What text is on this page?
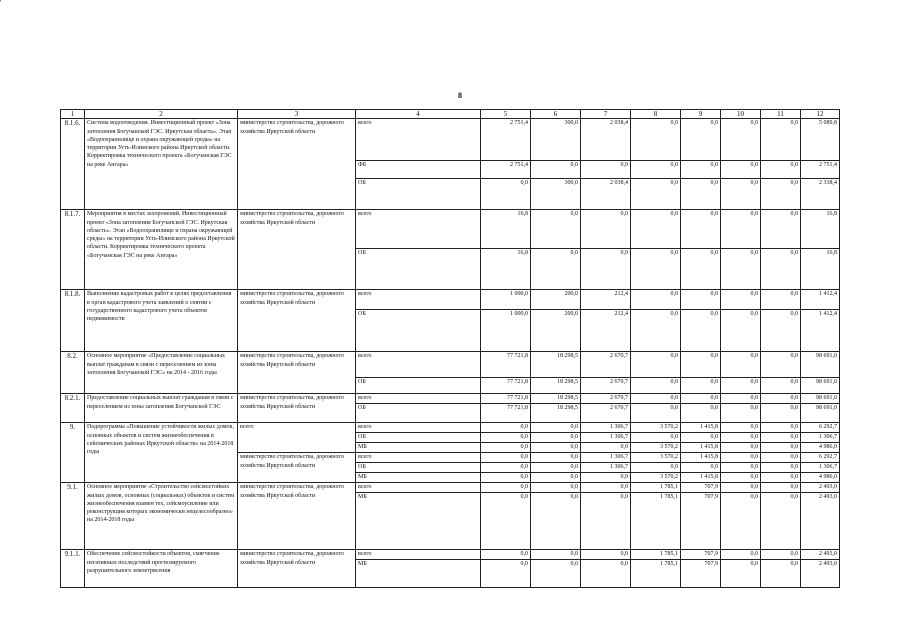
'
8
1	2	3	4	5	6	7	8	9	10	11	12
8.1.6.	Система водоотведения. Инвестиционный проект «Зона затопления Богучанской ГЭС. Иркутская область». Этап «Водоохранилище и охрана окружающей среды» на территории Усть-Илимского района Иркутской области. Корректировка технического проекта «Богучанская ГЭС на реке Ангара»	министерство строительства, дорожного хозяйства Иркутской области	всего	2 751,4	300,0	2 038,4	0,0	0,0	0,0	0,0	5 089,8
			ФБ	2 751,4	0,0	0,0	0,0	0,0	0,0	0,0	2 751,4
			ОБ	0,0	300,0	2 038,4	0,0	0,0	0,0	0,0	2 338,4
8.1.7.	Мероприятия в местах захоронений. Инвестиционный проект «Зона затопления Богучанской ГЭС. Иркутская область». Этап «Водоохранилище и охрана окружающей среды» на территории Усть-Илимского района Иркутской области. Корректировка технического проекта «Богучанская ГЭС на реке Ангара»	министерство строительства, дорожного хозяйства Иркутской области	всего	16,8	0,0	0,0	0,0	0,0	0,0	0,0	16,8
			ОБ	16,8	0,0	0,0	0,0	0,0	0,0	0,0	16,8
8.1.8.	Выполнение кадастровых работ в целях предоставления в орган кадастрового учета заявлений о снятии с государственного кадастрового учета объектов недвижимости	министерство строительства, дорожного хозяйства Иркутской области	всего	1 000,0	200,0	212,4	0,0	0,0	0,0	0,0	1 412,4
			ОБ	1 000,0	200,0	212,4	0,0	0,0	0,0	0,0	1 412,4
8.2.	Основное мероприятие «Предоставление социальных выплат гражданам в связи с переселением из зоны затопления Богучанской ГЭС» на 2014 - 2016 годы	министерство строительства, дорожного хозяйства Иркутской области	всего	77 721,8	18 298,5	2 670,7	0,0	0,0	0,0	0,0	98 691,0
			ОБ	77 721,8	18 298,5	2 670,7	0,0	0,0	0,0	0,0	98 691,0
8.2.1.	Предоставление социальных выплат гражданам в связи с переселением из зоны затопления Богучанской ГЭС	министерство строительства, дорожного хозяйства Иркутской области	всего	77 721,8	18 298,5	2 670,7	0,0	0,0	0,0	0,0	98 691,0
			ОБ	77 721,8	18 298,5	2 670,7	0,0	0,0	0,0	0,0	98 691,0
9.	Подпрограмма «Повышение устойчивости жилых домов, основных объектов и систем жизнеобеспечения в сейсмических районах Иркутской области» на 2014-2018 годы	всего	всего	0,0	0,0	1 306,7	3 570,2	1 415,8	0,0	0,0	6 292,7
			ОБ	0,0	0,0	1 306,7	0,0	0,0	0,0	0,0	1 306,7
			МБ	0,0	0,0	0,0	3 570,2	1 415,8	0,0	0,0	4 986,0
		министерство строительства, дорожного хозяйства Иркутской области	всего	0,0	0,0	1 306,7	3 570,2	1 415,8	0,0	0,0	6 292,7
			ОБ	0,0	0,0	1 306,7	0,0	0,0	0,0	0,0	1 306,7
			МБ	0,0	0,0	0,0	3 570,2	1 415,8	0,0	0,0	4 986,0
9.1.	Основное мероприятие «Строительство сейсмостойких жилых домов, основных (социальных) объектов и систем жизнеобеспечения взамен тех, сейсмоусиление или реконструкция которых экономически нецелесообразно» на 2014-2018 годы	министерство строительства, дорожного хозяйства Иркутской области	всего	0,0	0,0	0,0	1 785,1	707,9	0,0	0,0	2 493,0
			МБ	0,0	0,0	0,0	1 785,1	707,9	0,0	0,0	2 493,0
9.1.1.	Обеспечение сейсмостойкости объектов, смягчение негативных последствий прогнозируемого разрушительного землетрясения	министерство строительства, дорожного хозяйства Иркутской области	всего	0,0	0,0	0,0	1 785,1	707,9	0,0	0,0	2 493,0
			МБ	0,0	0,0	0,0	1 785,1	707,9	0,0	0,0	2 493,0
